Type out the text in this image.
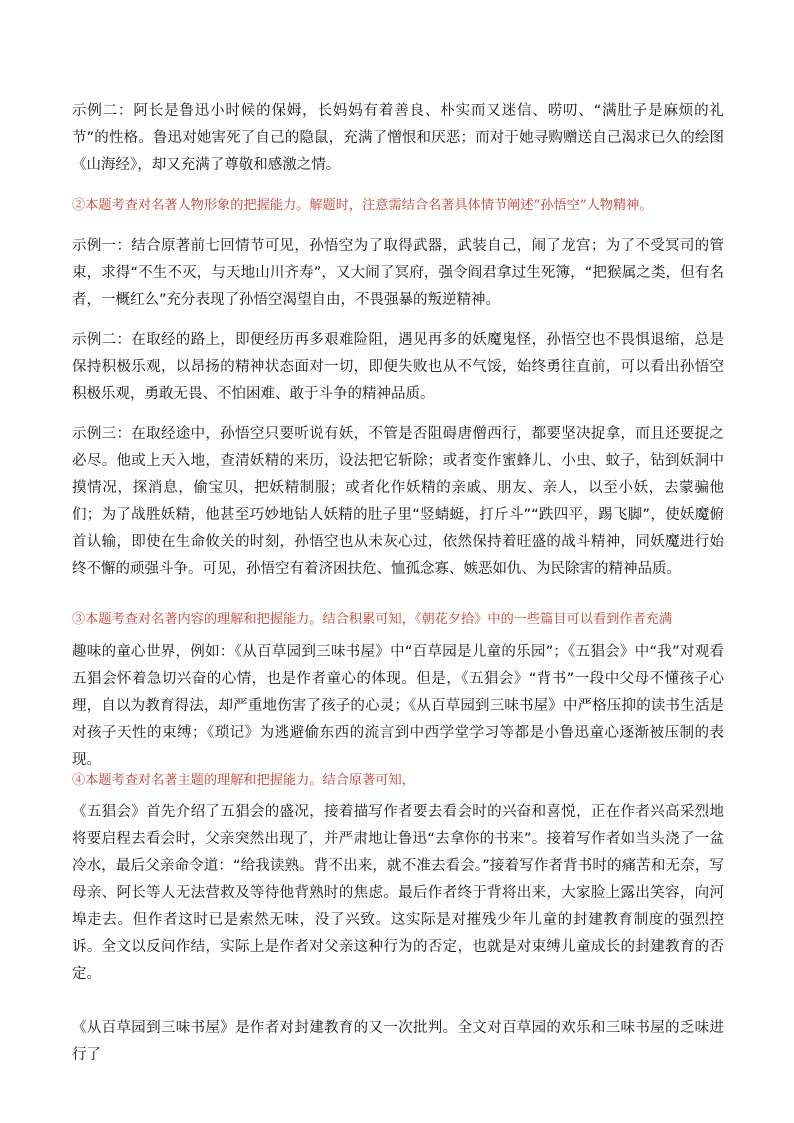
示例二：阿长是鲁迅小时候的保姆，长妈妈有着善良、朴实而又迷信、唠叨、“满肚子是麻烦的礼节”的性格。鲁迅对她害死了自己的隐鼠，充满了憎恨和厌恶；而对于她寻购赠送自己渴求已久的绘图《山海经》，却又充满了尊敬和感激之情。

②本题考查对名著人物形象的把握能力。解题时，注意需结合名著具体情节阐述“孙悟空”人物精神。

示例一：结合原著前七回情节可见，孙悟空为了取得武器，武装自己，闹了龙宫；为了不受冥司的管束，求得“不生不灭，与天地山川齐寿”，又大闹了冥府，强令阎君拿过生死簿，“把猴属之类，但有名者，一概红么”充分表现了孙悟空渴望自由，不畏强暴的叛逆精神。

示例二：在取经的路上，即便经历再多艰难险阻，遇见再多的妖魔鬼怪，孙悟空也不畏惧退缩，总是保持积极乐观，以昂扬的精神状态面对一切，即便失败也从不气馁，始终勇往直前，可以看出孙悟空积极乐观，勇敢无畏、不怕困难、敢于斗争的精神品质。

示例三：在取经途中，孙悟空只要听说有妖，不管是否阻碍唐僧西行，都要坚决捉拿，而且还要捉之必尽。他或上天入地，查清妖精的来历，设法把它斩除；或者变作蜜蜂儿、小虫、蚊子，钻到妖洞中摸情况，探消息，偷宝贝，把妖精制服；或者化作妖精的亲戚、朋友、亲人，以至小妖，去蒙骗他们；为了战胜妖精，他甚至巧妙地钻人妖精的肚子里“竖蜻蜓，打斤斗”“跌四平，踢飞脚”，使妖魔俯首认输，即使在生命攸关的时刻，孙悟空也从未灰心过，依然保持着旺盛的战斗精神，同妖魔进行始终不懈的顽强斗争。可见，孙悟空有着济困扶危、恤孤念寡、嫉恶如仇、为民除害的精神品质。

③本题考查对名著内容的理解和把握能力。结合积累可知，《朝花夕拾》中的一些篇目可以看到作者充满

趣味的童心世界，例如：《从百草园到三味书屋》中“百草园是儿童的乐园”；《五猖会》中“我”对观看五猖会怀着急切兴奋的心情，也是作者童心的体现。但是，《五猖会》“背书”一段中父母不懂孩子心理，自以为教育得法，却严重地伤害了孩子的心灵；《从百草园到三味书屋》中严格压抑的读书生活是对孩子天性的束缚；《琐记》为逃避偷东西的流言到中西学堂学习等都是小鲁迅童心逐渐被压制的表现。

④本题考查对名著主题的理解和把握能力。结合原著可知，

《五猖会》首先介绍了五猖会的盛况，接着描写作者要去看会时的兴奋和喜悦，正在作者兴高采烈地将要启程去看会时，父亲突然出现了，并严肃地让鲁迅“去拿你的书来”。接着写作者如当头浇了一盆冷水，最后父亲命令道：“给我读熟。背不出来，就不准去看会。”接着写作者背书时的痛苦和无奈，写母亲、阿长等人无法营救及等待他背熟时的焦虑。最后作者终于背将出来，大家脸上露出笑容，向河埠走去。但作者这时已是索然无味，没了兴致。这实际是对摧残少年儿童的封建教育制度的强烈控诉。全文以反问作结，实际上是作者对父亲这种行为的否定，也就是对束缚儿童成长的封建教育的否定。

《从百草园到三味书屋》是作者对封建教育的又一次批判。全文对百草园的欢乐和三味书屋的乏味进行了
